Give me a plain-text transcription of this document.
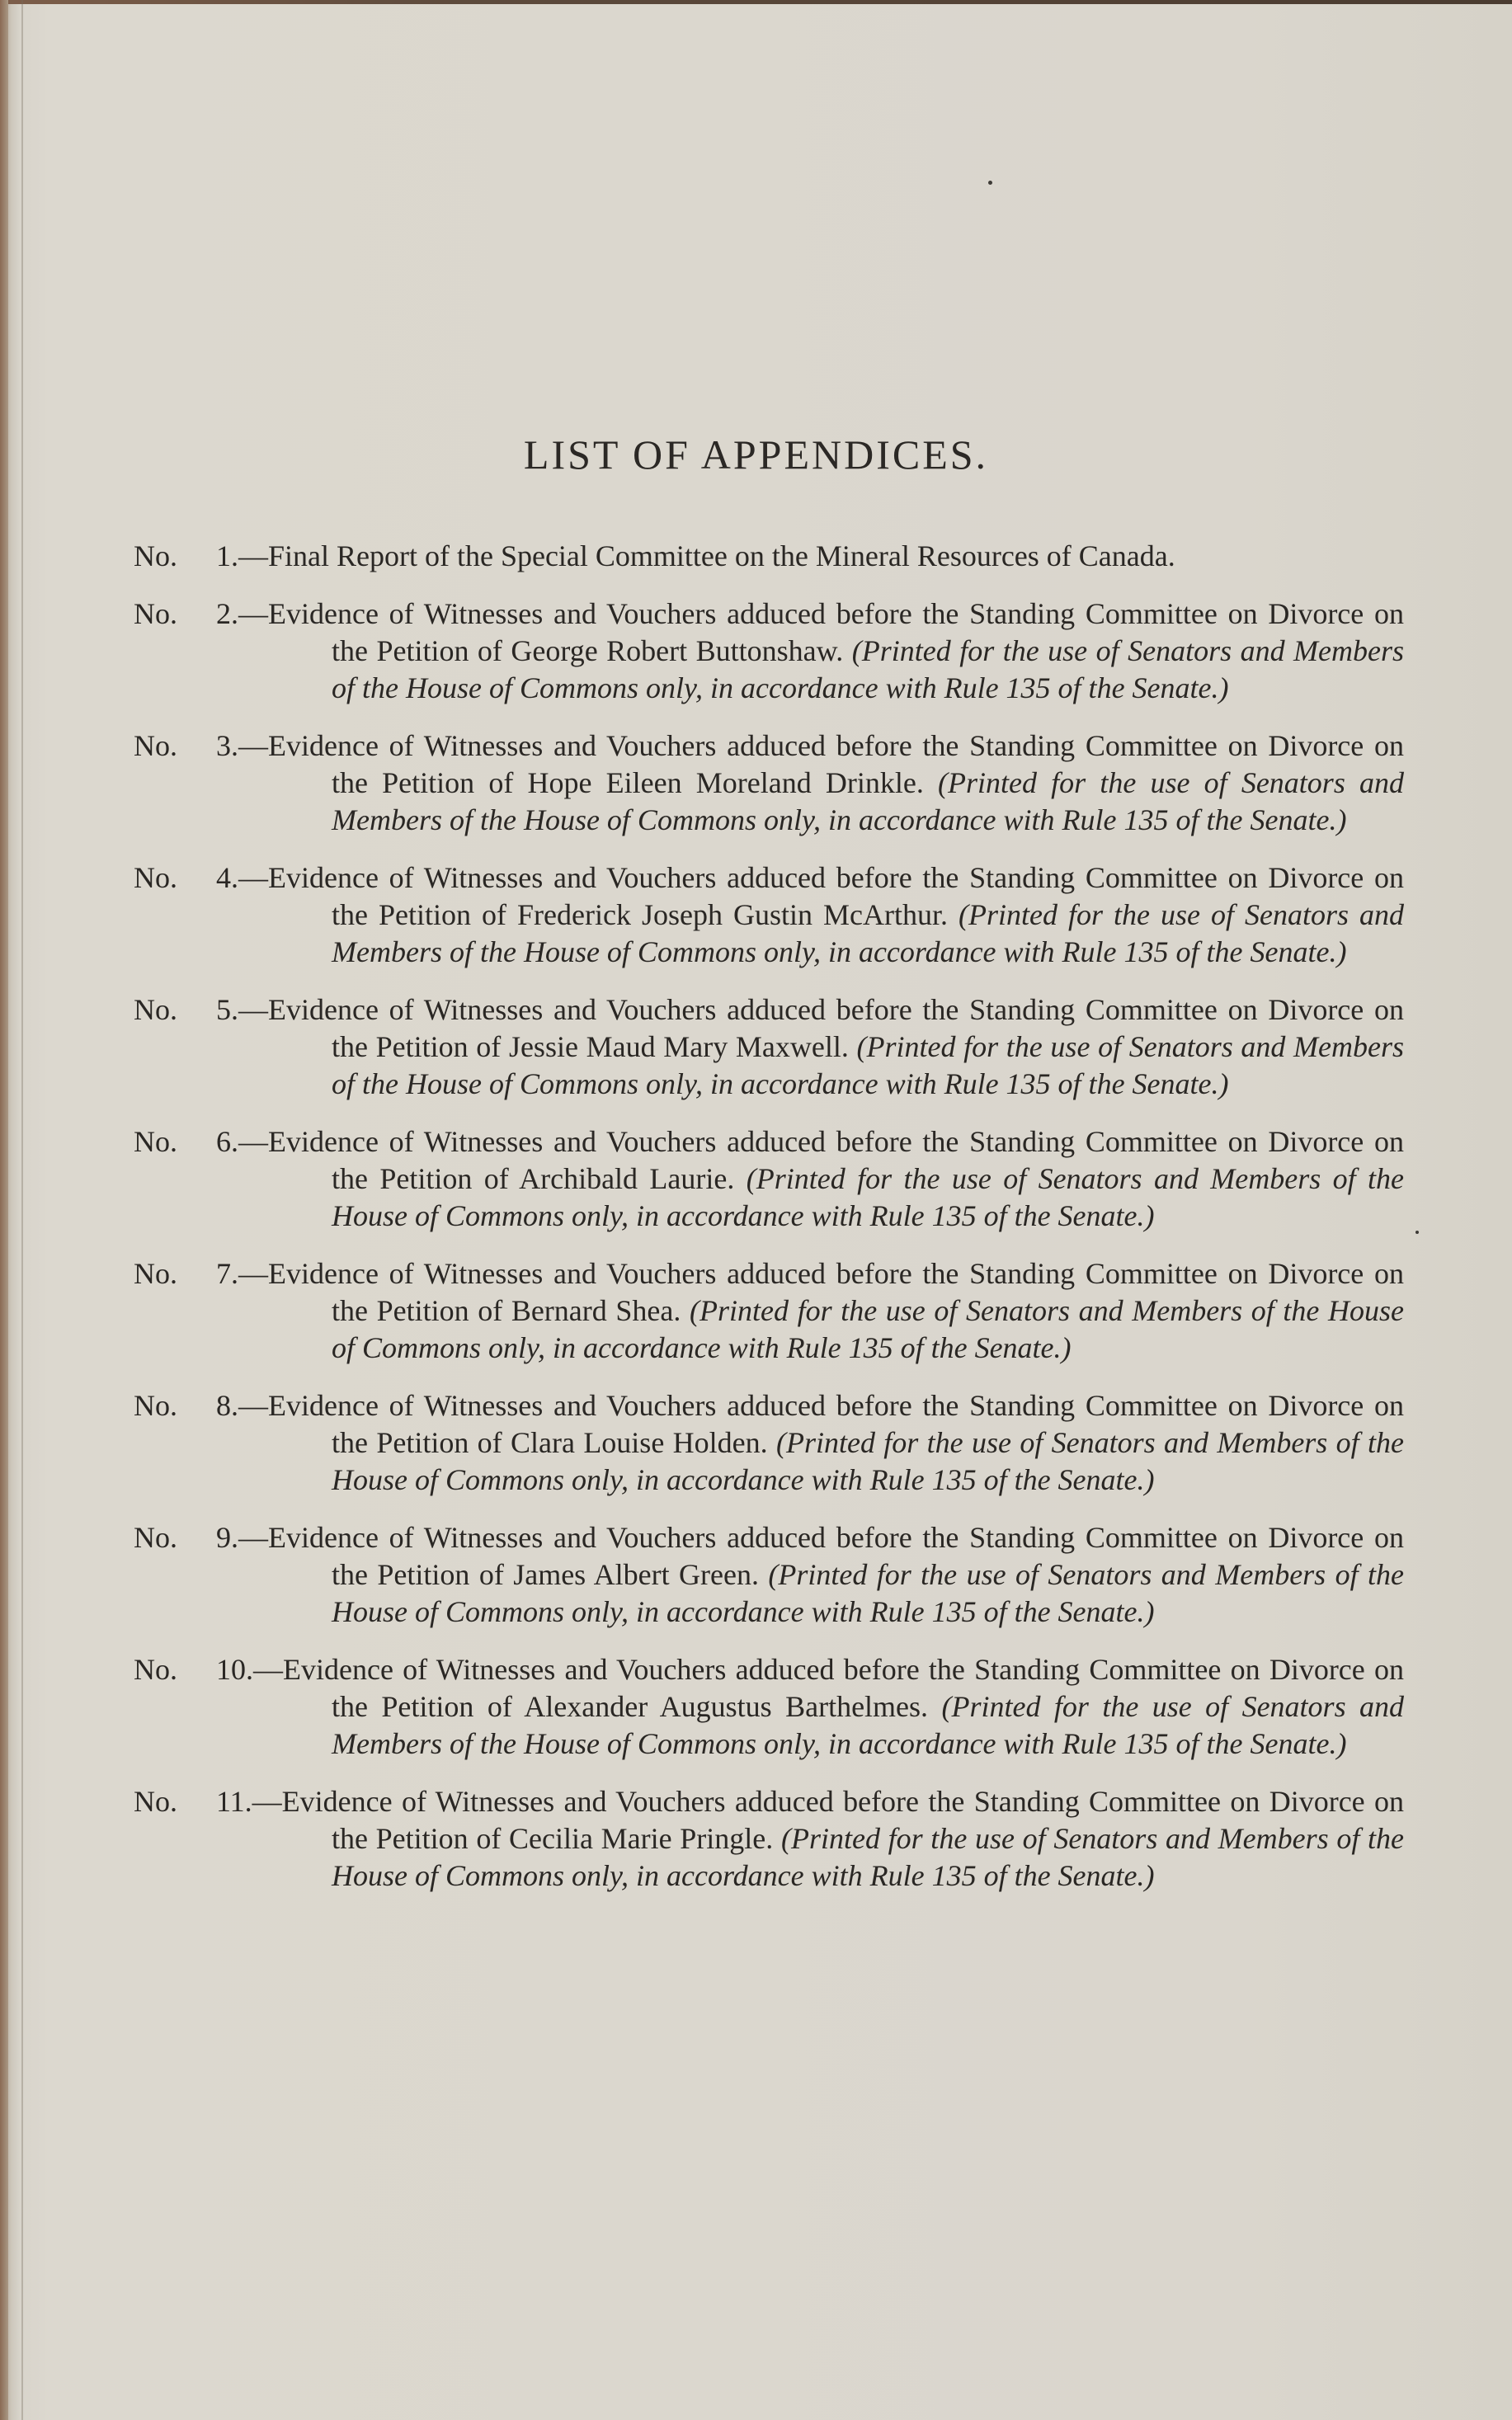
LIST OF APPENDICES.
No.	1.—Final Report of the Special Committee on the Mineral Resources of Canada.
No.	2.—Evidence of Witnesses and Vouchers adduced before the Standing Committee on Divorce on the Petition of George Robert Buttonshaw. (Printed for the use of Senators and Members of the House of Commons only, in accordance with Rule 135 of the Senate.)
No.	3.—Evidence of Witnesses and Vouchers adduced before the Standing Committee on Divorce on the Petition of Hope Eileen Moreland Drinkle. (Printed for the use of Senators and Members of the House of Commons only, in accordance with Rule 135 of the Senate.)
No.	4.—Evidence of Witnesses and Vouchers adduced before the Standing Committee on Divorce on the Petition of Frederick Joseph Gustin McArthur. (Printed for the use of Senators and Members of the House of Commons only, in accordance with Rule 135 of the Senate.)
No.	5.—Evidence of Witnesses and Vouchers adduced before the Standing Committee on Divorce on the Petition of Jessie Maud Mary Maxwell. (Printed for the use of Senators and Members of the House of Commons only, in accordance with Rule 135 of the Senate.)
No.	6.—Evidence of Witnesses and Vouchers adduced before the Standing Committee on Divorce on the Petition of Archibald Laurie. (Printed for the use of Senators and Members of the House of Commons only, in accordance with Rule 135 of the Senate.)
No.	7.—Evidence of Witnesses and Vouchers adduced before the Standing Committee on Divorce on the Petition of Bernard Shea. (Printed for the use of Senators and Members of the House of Commons only, in accordance with Rule 135 of the Senate.)
No.	8.—Evidence of Witnesses and Vouchers adduced before the Standing Committee on Divorce on the Petition of Clara Louise Holden. (Printed for the use of Senators and Members of the House of Commons only, in accordance with Rule 135 of the Senate.)
No.	9.—Evidence of Witnesses and Vouchers adduced before the Standing Committee on Divorce on the Petition of James Albert Green. (Printed for the use of Senators and Members of the House of Commons only, in accordance with Rule 135 of the Senate.)
No.	10.—Evidence of Witnesses and Vouchers adduced before the Standing Committee on Divorce on the Petition of Alexander Augustus Barthelmes. (Printed for the use of Senators and Members of the House of Commons only, in accordance with Rule 135 of the Senate.)
No.	11.—Evidence of Witnesses and Vouchers adduced before the Standing Committee on Divorce on the Petition of Cecilia Marie Pringle. (Printed for the use of Senators and Members of the House of Commons only, in accordance with Rule 135 of the Senate.)
